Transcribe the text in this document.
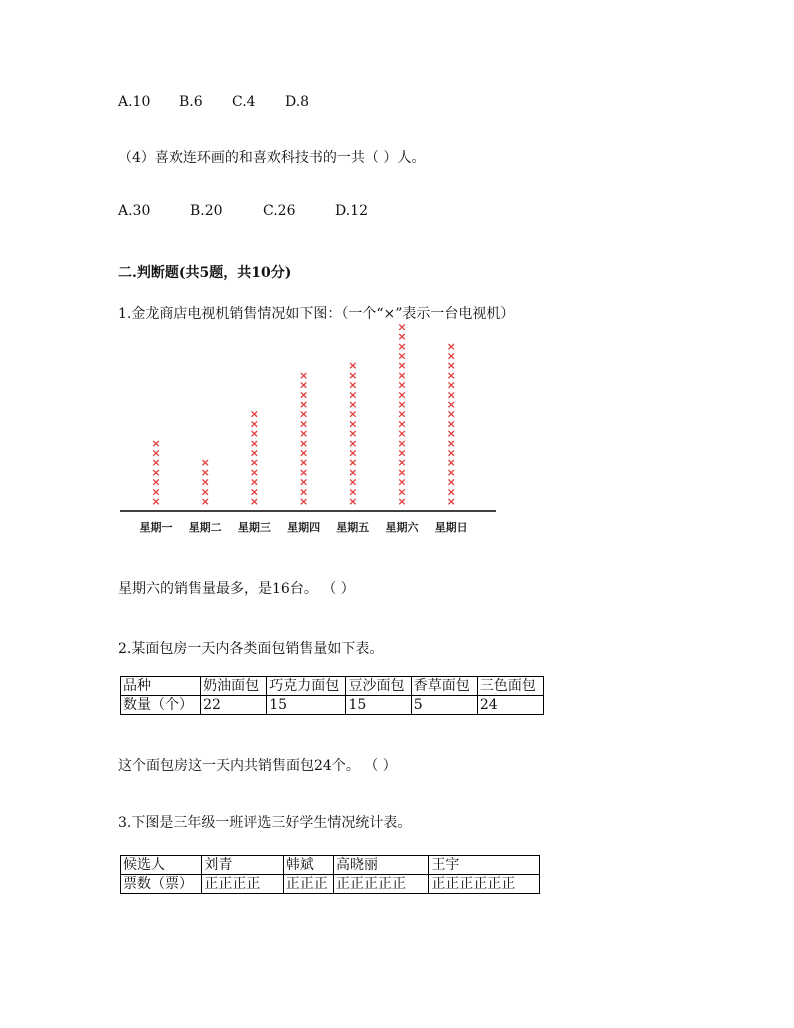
A.10 B.6 C.4 D.8
（4）喜欢连环画的和喜欢科技书的一共（ ）人。
A.30	B.20	C.26	D.12
二.判断题(共5题，共10分)
1.金龙商店电视机销售情况如下图：（一个“×”表示一台电视机）
×
×
×
×
×
×
×
星期一
×
×
×
×
×
星期二
×
×
×
×
×
×
×
×
×
×
星期三
×
×
×
×
×
×
×
×
×
×
×
×
×
×
星期四
×
×
×
×
×
×
×
×
×
×
×
×
×
×
×
星期五
×
×
×
×
×
×
×
×
×
×
×
×
×
×
×
×
×
×
×
星期六
×
×
×
×
×
×
×
×
×
×
×
×
×
×
×
×
×
星期日
星期六的销售量最多，是16台。 （ ）
2.某面包房一天内各类面包销售量如下表。
品种	奶油面包	巧克力面包	豆沙面包	香草面包	三色面包
数量（个）	22	15	15	5	24
这个面包房这一天内共销售面包24个。 （ ）
3.下图是三年级一班评选三好学生情况统计表。
候选人	刘青	韩斌	高晓丽	王宇
票数（票）	正正正正	正正正	正正正正正	正正正正正正
